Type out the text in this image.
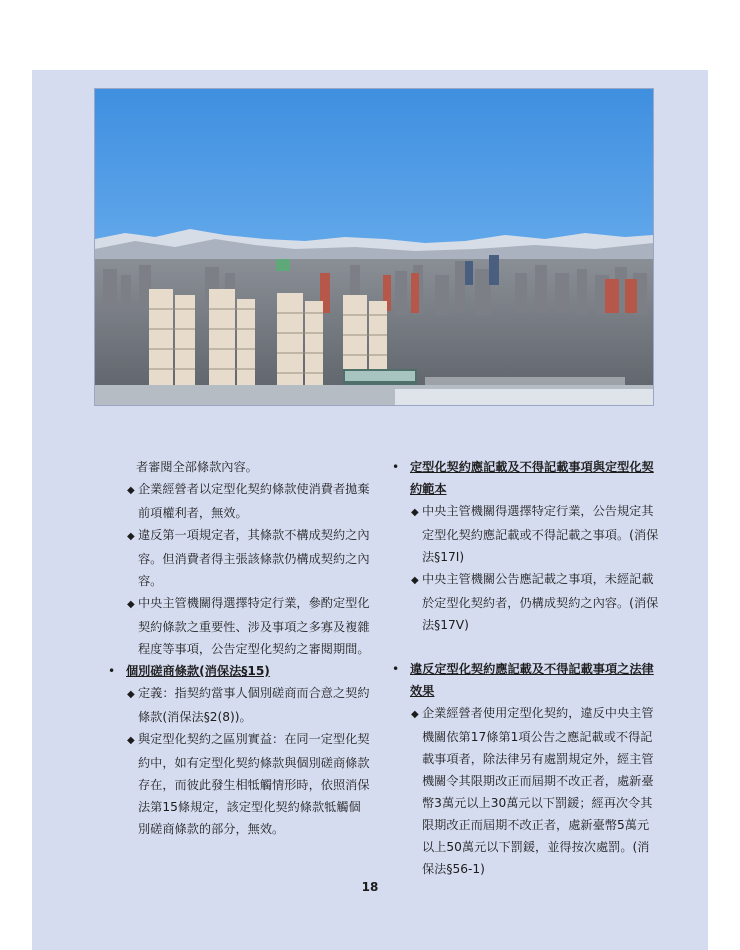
者審閱全部條款內容。

◆ 企業經營者以定型化契約條款使消費者拋棄前項權利者，無效。

◆ 違反第一項規定者，其條款不構成契約之內容。但消費者得主張該條款仍構成契約之內容。

◆ 中央主管機關得選擇特定行業，參酌定型化契約條款之重要性、涉及事項之多寡及複雜程度等事項，公告定型化契約之審閱期間。

• 個別磋商條款(消保法§15)

◆ 定義：指契約當事人個別磋商而合意之契約條款(消保法§2(8))。

◆ 與定型化契約之區別實益：在同一定型化契約中，如有定型化契約條款與個別磋商條款存在，而彼此發生相牴觸情形時，依照消保法第15條規定，該定型化契約條款牴觸個別磋商條款的部分，無效。

• 定型化契約應記載及不得記載事項與定型化契約範本

◆ 中央主管機關得選擇特定行業，公告規定其定型化契約應記載或不得記載之事項。(消保法§17Ⅰ)

◆ 中央主管機關公告應記載之事項，未經記載於定型化契約者，仍構成契約之內容。(消保法§17Ⅴ)

• 違反定型化契約應記載及不得記載事項之法律效果

◆ 企業經營者使用定型化契約，違反中央主管機關依第17條第1項公告之應記載或不得記載事項者，除法律另有處罰規定外，經主管機關令其限期改正而屆期不改正者，處新臺幣3萬元以上30萬元以下罰鍰；經再次令其限期改正而屆期不改正者，處新臺幣5萬元以上50萬元以下罰鍰，並得按次處罰。(消保法§56-1)

18
